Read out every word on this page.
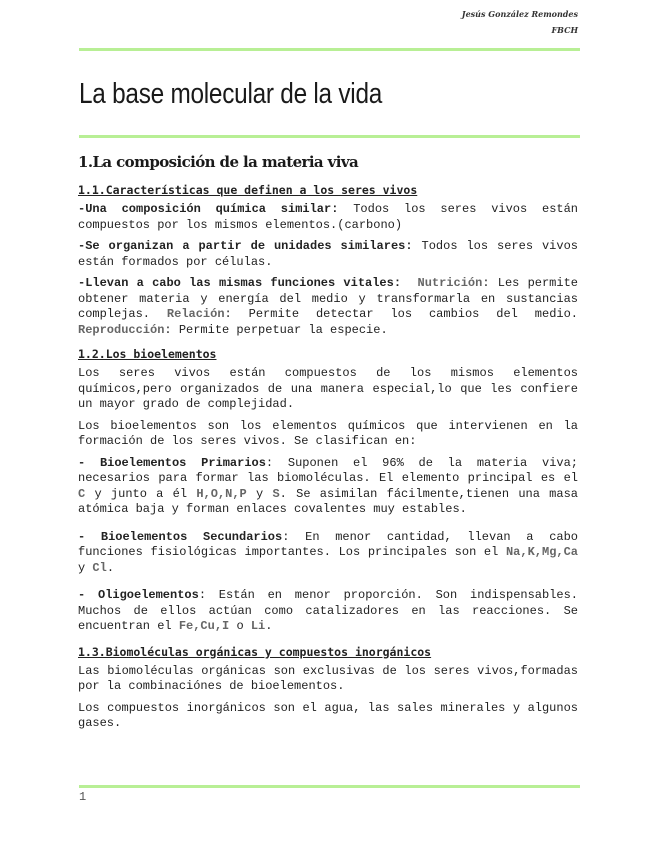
Jesús González Remondes
FBCH
La base molecular de la vida
1.La composición de la materia viva
1.1.Características que definen a los seres vivos

-Una composición química similar: Todos los seres vivos están compuestos por los mismos elementos.(carbono)

-Se organizan a partir de unidades similares: Todos los seres vivos están formados por células.

-Llevan a cabo las mismas funciones vitales: Nutrición: Les permite obtener materia y energía del medio y transformarla en sustancias complejas. Relación: Permite detectar los cambios del medio. Reproducción: Permite perpetuar la especie.

1.2.Los bioelementos

Los seres vivos están compuestos de los mismos elementos químicos,pero organizados de una manera especial,lo que les confiere un mayor grado de complejidad.

Los bioelementos son los elementos químicos que intervienen en la formación de los seres vivos. Se clasifican en:

- Bioelementos Primarios: Suponen el 96% de la materia viva; necesarios para formar las biomoléculas. El elemento principal es el C y junto a él H,O,N,P y S. Se asimilan fácilmente,tienen una masa atómica baja y forman enlaces covalentes muy estables.

- Bioelementos Secundarios: En menor cantidad, llevan a cabo funciones fisiológicas importantes. Los principales son el Na,K,Mg,Ca y Cl.

- Oligoelementos: Están en menor proporción. Son indispensables. Muchos de ellos actúan como catalizadores en las reacciones. Se encuentran el Fe,Cu,I o Li.

1.3.Biomoléculas orgánicas y compuestos inorgánicos

Las biomoléculas orgánicas son exclusivas de los seres vivos,formadas por la combinaciónes de bioelementos.

Los compuestos inorgánicos son el agua, las sales minerales y algunos gases.

1
